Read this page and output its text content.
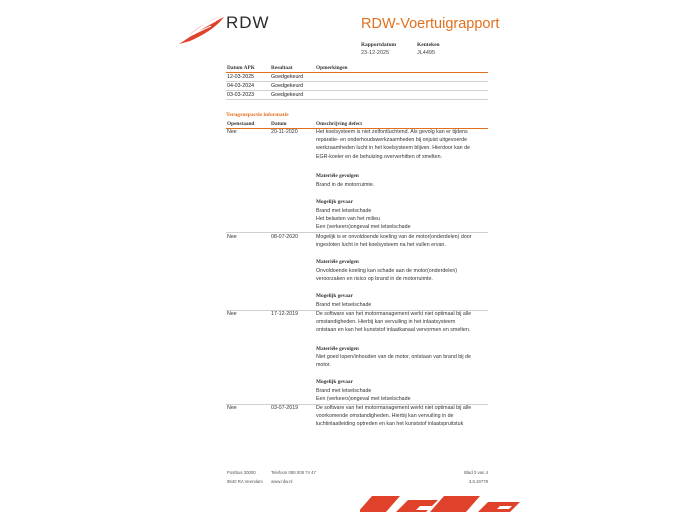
RDW	RDW-Voertuigrapport
Rapportdatum
23-12-2025
Kenteken
JL4495
Datum APK	Resultaat	Opmerkingen
12-03-2025	Goedgekeurd
04-03-2024	Goedgekeurd
03-03-2023	Goedgekeurd
Terugroepactie informatie
Openstaand	Datum	Omschrijving defect
Nee	20-11-2020	Het koelsysteem is niet zelfontluchtend. Als gevolg kan er tijdens
reparatie- en onderhoudswerkzaamheden bij onjuist uitgevoerde
werkzaamheden lucht in het koelsysteem blijven. Hierdoor kan de
EGR-koeler en de behuizing oververhitten of smelten.
Materiële gevolgen
Brand in de motorruimte.
Mogelijk gevaar
Brand met letselschade
Het belasten van het milieu
Een (verkeers)ongeval met letselschade
Nee	08-07-2020	Mogelijk is er onvoldoende koeling van de motor(onderdelen) door
ingesloten lucht in het koelsysteem na het vullen ervan.
Materiële gevolgen
Onvoldoende koeling kan schade aan de motor(onderdelen)
veroorzaken en risico op brand in de motorruimte.
Mogelijk gevaar
Brand met letselschade
Nee	17-12-2019	De software van het motormanagement werkt niet optimaal bij alle
omstandigheden. Hierbij kan vervuiling in het inlaatsysteem
ontstaan en kan het kunststof inlaatkanaal vervormen en smelten.
Materiële gevolgen
Niet goed lopen/inhouden van de motor, ontstaan van brand bij de
motor.
Mogelijk gevaar
Brand met letselschade
Een (verkeers)ongeval met letselschade
Nee	03-07-2019	De software van het motormanagement werkt niet optimaal bij alle
voorkomende omstandigheden. Hierbij kan vervuiling in de
luchtinlaatleiding optreden en kan het kunststof inlaatspruitstuk
Postbus 30000
9640 RA Veendam
Telefoon 088 008 74 47
www.rdw.nl
Blad 3 van 4
3.6.19778
